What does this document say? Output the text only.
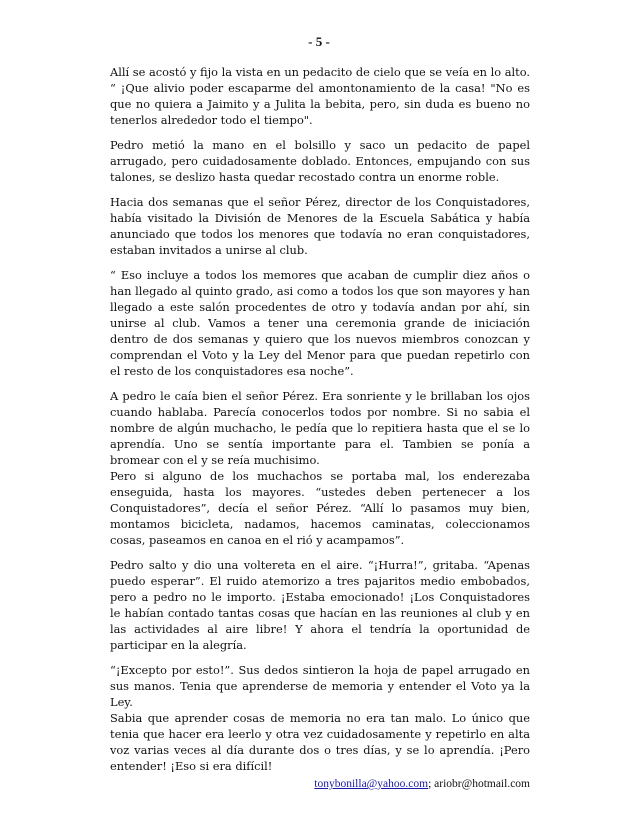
- 5 -

Allí se acostó y fijo la vista en un pedacito de cielo que se veía en lo alto. “ ¡Que alivio poder escaparme del amontonamiento de la casa! "No es que no quiera a Jaimito y a Julita la bebita, pero, sin duda es bueno no tenerlos alrededor todo el tiempo".

Pedro metió la mano en el bolsillo y saco un pedacito de papel arrugado, pero cuidadosamente doblado. Entonces, empujando con sus talones, se deslizo hasta quedar recostado contra un enorme roble.

Hacia dos semanas que el señor Pérez, director de los Conquistadores, había visitado la División de Menores de la Escuela Sabática y había anunciado que todos los menores que todavía no eran conquistadores, estaban invitados a unirse al club.

“ Eso incluye a todos los memores que acaban de cumplir diez años o han llegado al quinto grado, asi como a todos los que son mayores y han llegado a este salón procedentes de otro y todavía andan por ahí, sin unirse al club. Vamos a tener una ceremonia grande de iniciación dentro de dos semanas y quiero que los nuevos miembros conozcan y comprendan el Voto y la Ley del Menor para que puedan repetirlo con el resto de los conquistadores esa noche”.

A pedro le caía bien el señor Pérez. Era sonriente y le brillaban los ojos cuando hablaba. Parecía conocerlos todos por nombre. Si no sabia el nombre de algún muchacho, le pedía que lo repitiera hasta que el se lo aprendía. Uno se sentía importante para el. Tambien se ponía a bromear con el y se reía muchisimo.

Pero si alguno de los muchachos se portaba mal, los enderezaba enseguida, hasta los mayores. “ustedes deben pertenecer a los Conquistadores”, decía el señor Pérez. “Allí lo pasamos muy bien, montamos bicicleta, nadamos, hacemos caminatas, coleccionamos cosas, paseamos en canoa en el rió y acampamos”.

Pedro salto y dio una voltereta en el aire. “¡Hurra!”, gritaba. “Apenas puedo esperar”. El ruido atemorizo a tres pajaritos medio embobados, pero a pedro no le importo. ¡Estaba emocionado! ¡Los Conquistadores le habían contado tantas cosas que hacían en las reuniones al club y en las actividades al aire libre! Y ahora el tendría la oportunidad de participar en la alegría.

“¡Excepto por esto!”. Sus dedos sintieron la hoja de papel arrugado en sus manos. Tenia que aprenderse de memoria y entender el Voto ya la Ley.

Sabia que aprender cosas de memoria no era tan malo. Lo único que tenia que hacer era leerlo y otra vez cuidadosamente y repetirlo en alta voz varias veces al día durante dos o tres días, y se lo aprendía. ¡Pero entender! ¡Eso si era difícil!

tonybonilla@yahoo.com; ariobr@hotmail.com
